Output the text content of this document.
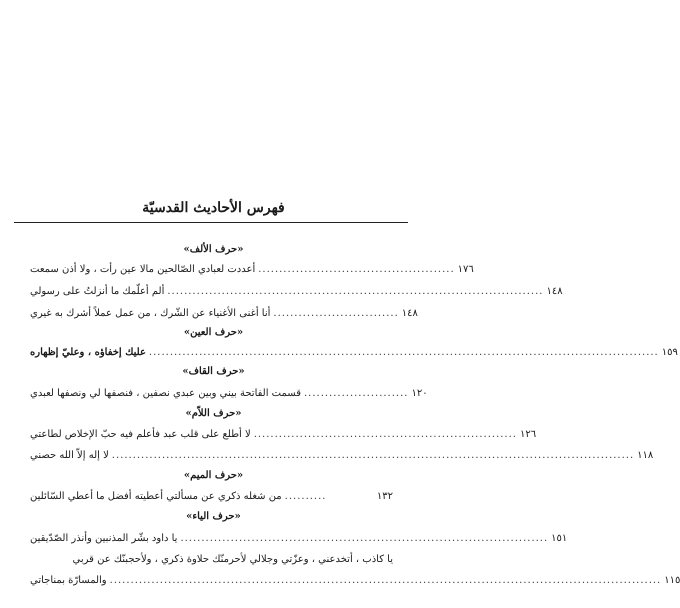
فهرس الأحاديث القدسيّة
«حرف الألف»
أعددت لعبادي الصّالحين مالا عين رأت ، ولا أذن سمعت ............................................... ١٧٦
ألم أعلّمك ما أنزلتُ على رسولي .......................................................................................... ١٤٨
أنا أغنى الأغنياء عن الشّرك ، من عمل عملاً أشرك به غيري .............................. ١٤٨
«حرف العين»
عليك إخفاؤه ، وعليّ إظهاره .......................................................................................................................... ١٥٩
«حرف القاف»
قسمت الفاتحة بيني وبين عبدي نصفين ، فنصفها لي ونصفها لعبدي ......................... ١٢٠
«حرف اللاّم»
لا أطلع على قلب عبد فأعلم فيه حبّ الإخلاص لطاعتي ............................................................... ١٢٦
لا إله إلاّ الله حصني ............................................................................................................................. ١١٨
«حرف الميم»
من شغله ذكري عن مسألتي أعطيته أفضل ما أعطي السّائلين ..........	١٣٢
«حرف الياء»
يا داود بشّر المذنبين وأنذر الصّدّيقين ........................................................................................ ١٥١
يا كاذب ، أتخدعني ، وعزّتي وجلالي لأحرمنّك حلاوة ذكري ، ولأحجبنّك عن قربي
والمسارّة بمناجاتي .................................................................................................................................... ١١٥
